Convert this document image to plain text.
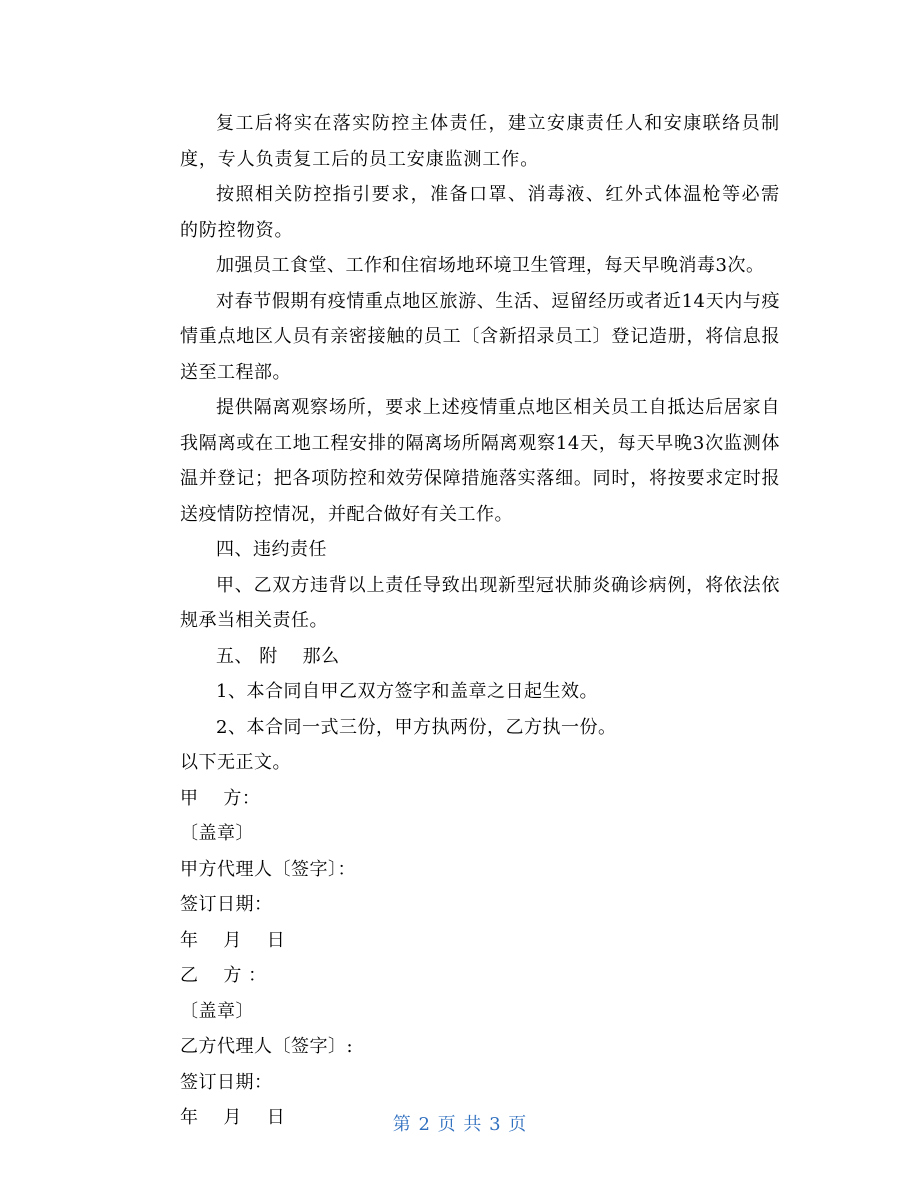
复工后将实在落实防控主体责任，建立安康责任人和安康联络员制度，专人负责复工后的员工安康监测工作。

按照相关防控指引要求，准备口罩、消毒液、红外式体温枪等必需的防控物资。

加强员工食堂、工作和住宿场地环境卫生管理，每天早晚消毒3次。

对春节假期有疫情重点地区旅游、生活、逗留经历或者近14天内与疫情重点地区人员有亲密接触的员工〔含新招录员工〕登记造册，将信息报送至工程部。

提供隔离观察场所，要求上述疫情重点地区相关员工自抵达后居家自我隔离或在工地工程安排的隔离场所隔离观察14天，每天早晚3次监测体温并登记；把各项防控和效劳保障措施落实落细。同时，将按要求定时报送疫情防控情况，并配合做好有关工作。

四、违约责任

甲、乙双方违背以上责任导致出现新型冠状肺炎确诊病例，将依法依规承当相关责任。

五、 附    那么

1、本合同自甲乙双方签字和盖章之日起生效。

2、本合同一式三份，甲方执两份，乙方执一份。

以下无正文。

甲    方：

〔盖章〕

甲方代理人〔签字〕：

签订日期：

年    月    日

乙    方 ：

〔盖章〕

乙方代理人〔签字〕:

签订日期：

年    月    日	第 2 页 共 3 页
